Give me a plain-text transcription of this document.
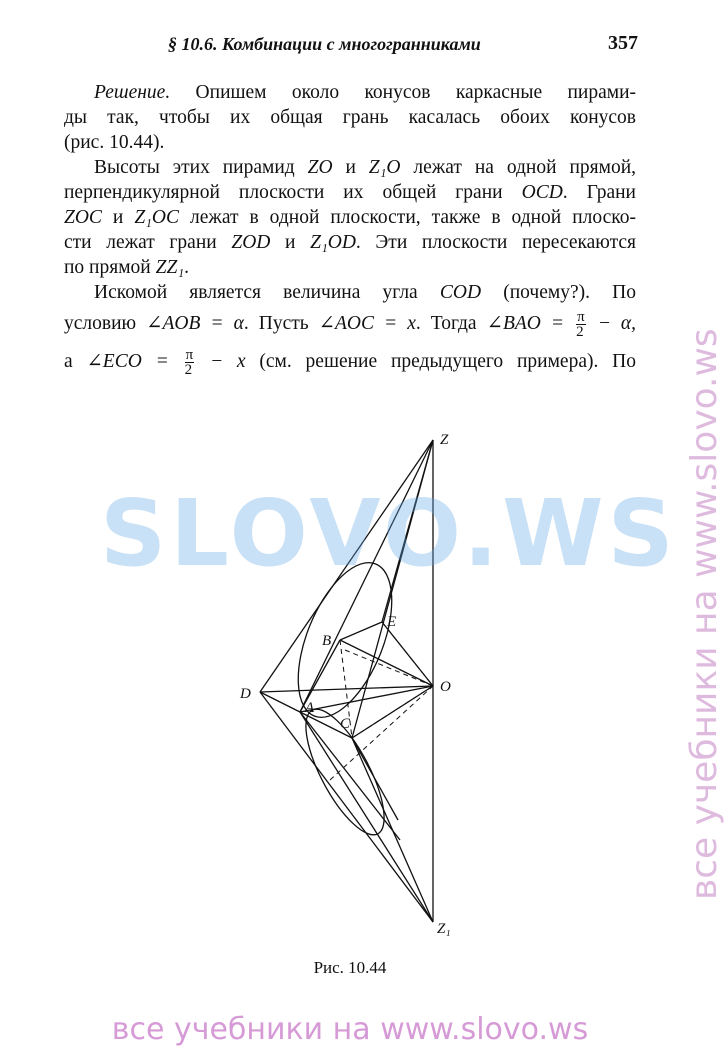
§ 10.6. Комбинации с многогранниками	357
Решение. Опишем около конусов каркасные пирами-
ды так, чтобы их общая грань касалась обоих конусов
(рис. 10.44).
Высоты этих пирамид ZO и Z₁O лежат на одной прямой,
перпендикулярной плоскости их общей грани OCD. Грани
ZOC и Z₁OC лежат в одной плоскости, также в одной плоско-
сти лежат грани ZOD и Z₁OD. Эти плоскости пересекаются
по прямой ZZ₁.
Искомой является величина угла COD (почему?). По
условию ∠AOB = α. Пусть ∠AOC = x. Тогда ∠BAO = $\frac{\pi}{2} - \alpha$,
а ∠ECO = $\frac{\pi}{2} - x$ (см. решение предыдущего примера). По
Z
Z₁
O
D
A
B
C
E
Рис. 10.44
SLOVO.WS все учебники на www.slovo.ws
все учебники на www.slovo.ws
